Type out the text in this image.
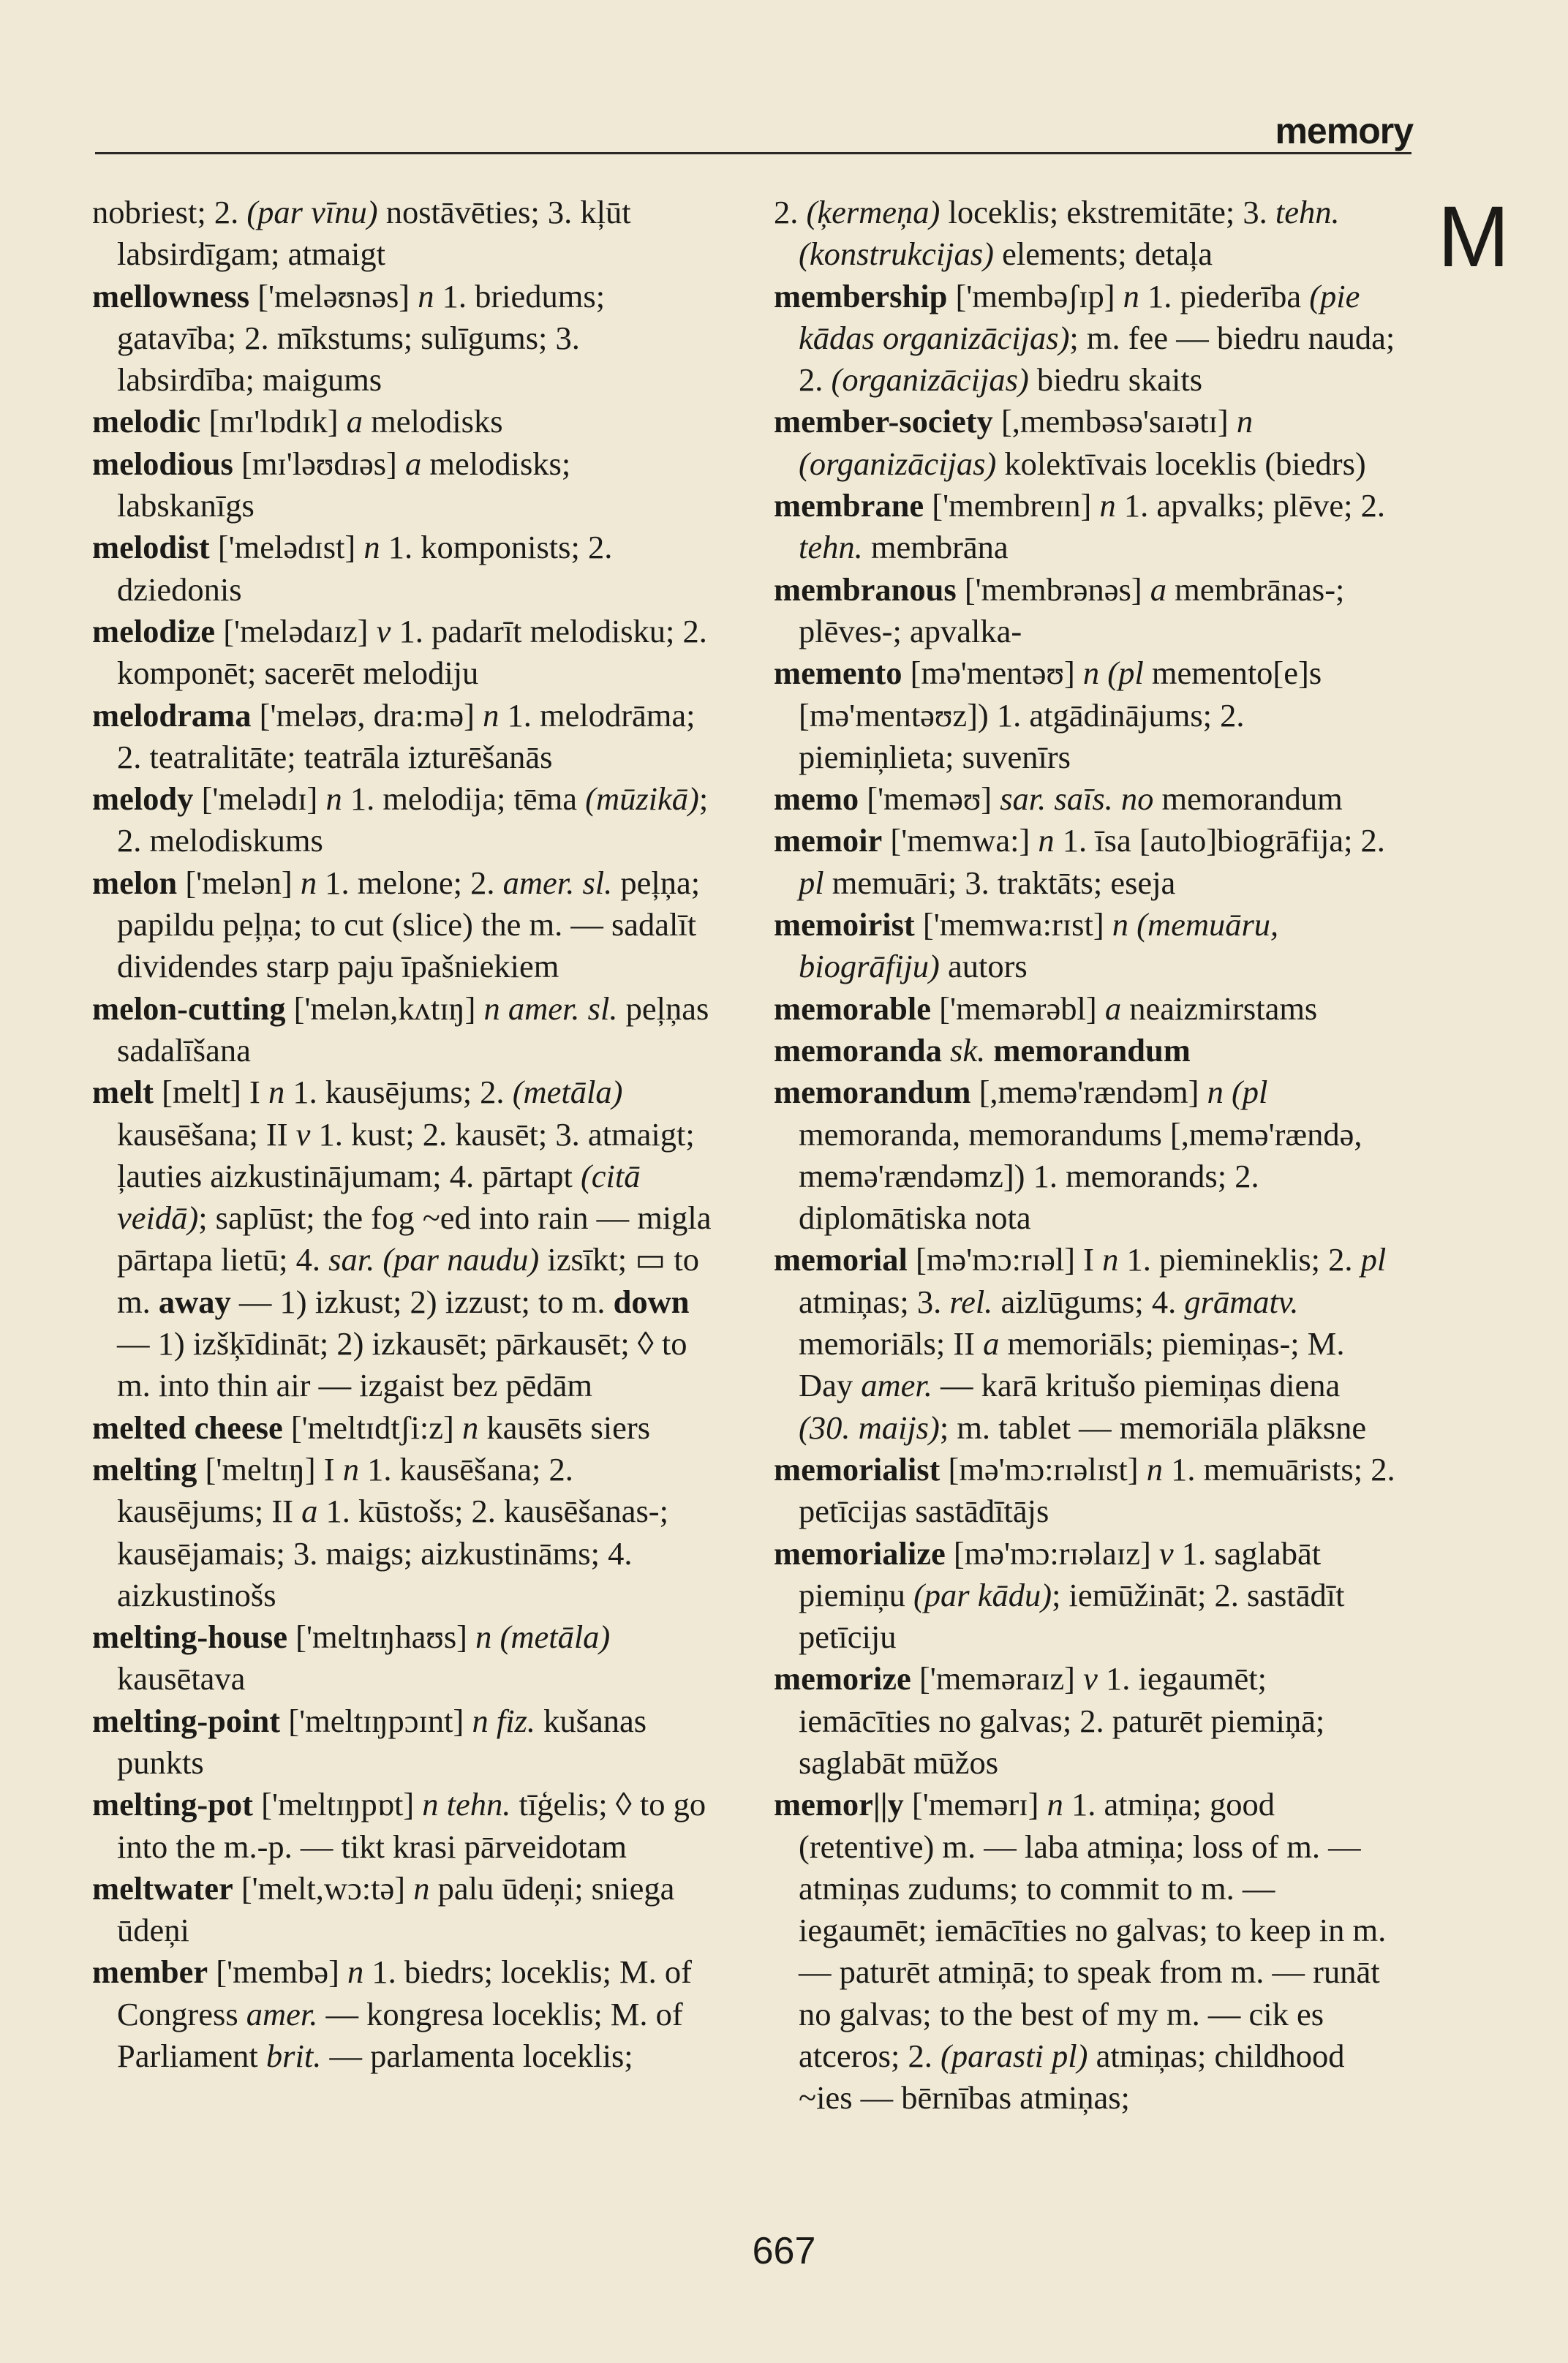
memory
M

nobriest; 2. (par vīnu) nostāvēties; 3. kļūt labsirdīgam; atmaigt

mellowness ['meləʊnəs] n 1. briedums; gatavība; 2. mīkstums; sulīgums; 3. labsirdība; maigums

melodic [mɪ'lɒdɪk] a melodisks

melodious [mɪ'ləʊdɪəs] a melodisks; labskanīgs

melodist ['melədɪst] n 1. komponists; 2. dziedonis

melodize ['melədaɪz] v 1. padarīt melodisku; 2. komponēt; sacerēt melodiju

melodrama ['meləʊ, dra:mə] n 1. melodrāma; 2. teatralitāte; teatrāla izturēšanās

melody ['melədɪ] n 1. melodija; tēma (mūzikā); 2. melodiskums

melon ['melən] n 1. melone; 2. amer. sl. peļņa; papildu peļņa; to cut (slice) the m. — sadalīt dividendes starp paju īpašniekiem

melon-cutting ['melən,kʌtɪŋ] n amer. sl. peļņas sadalīšana

melt [melt] I n 1. kausējums; 2. (metāla) kausēšana; II v 1. kust; 2. kausēt; 3. atmaigt; ļauties aizkustinājumam; 4. pārtapt (citā veidā); saplūst; the fog ~ed into rain — migla pārtapa lietū; 4. sar. (par naudu) izsīkt; ▭ to m. away — 1) izkust; 2) izzust; to m. down — 1) izšķīdināt; 2) izkausēt; pārkausēt; ◊ to m. into thin air — izgaist bez pēdām

melted cheese ['meltɪdtʃi:z] n kausēts siers

melting ['meltɪŋ] I n 1. kausēšana; 2. kausējums; II a 1. kūstošs; 2. kausēšanas-; kausējamais; 3. maigs; aizkustināms; 4. aizkustinošs

melting-house ['meltɪŋhaʊs] n (metāla) kausētava

melting-point ['meltɪŋpɔɪnt] n fiz. kušanas punkts

melting-pot ['meltɪŋpɒt] n tehn. tīģelis; ◊ to go into the m.-p. — tikt krasi pārveidotam

meltwater ['melt,wɔ:tə] n palu ūdeņi; sniega ūdeņi

member ['membə] n 1. biedrs; loceklis; M. of Congress amer. — kongresa loceklis; M. of Parliament brit. — parlamenta loceklis;

2. (ķermeņa) loceklis; ekstremitāte; 3. tehn. (konstrukcijas) elements; detaļa

membership ['membəʃɪp] n 1. piederība (pie kādas organizācijas); m. fee — biedru nauda; 2. (organizācijas) biedru skaits

member-society [,membəsə'saɪətɪ] n (organizācijas) kolektīvais loceklis (biedrs)

membrane ['membreɪn] n 1. apvalks; plēve; 2. tehn. membrāna

membranous ['membrənəs] a membrānas-; plēves-; apvalka-

memento [mə'mentəʊ] n (pl memento[e]s [mə'mentəʊz]) 1. atgādinājums; 2. piemiņlieta; suvenīrs

memo ['meməʊ] sar. saīs. no memorandum

memoir ['memwa:] n 1. īsa [auto]biogrāfija; 2. pl memuāri; 3. traktāts; eseja

memoirist ['memwa:rɪst] n (memuāru, biogrāfiju) autors

memorable ['memərəbl] a neaizmirstams

memoranda sk. memorandum

memorandum [,memə'rændəm] n (pl memoranda, memorandums [,memə'rændə, memə'rændəmz]) 1. memorands; 2. diplomātiska nota

memorial [mə'mɔ:rɪəl] I n 1. piemineklis; 2. pl atmiņas; 3. rel. aizlūgums; 4. grāmatv. memoriāls; II a memoriāls; piemiņas-; M. Day amer. — karā kritušo piemiņas diena (30. maijs); m. tablet — memoriāla plāksne

memorialist [mə'mɔ:rɪəlɪst] n 1. memuārists; 2. petīcijas sastādītājs

memorialize [mə'mɔ:rɪəlaɪz] v 1. saglabāt piemiņu (par kādu); iemūžināt; 2. sastādīt petīciju

memorize ['meməraɪz] v 1. iegaumēt; iemācīties no galvas; 2. paturēt piemiņā; saglabāt mūžos

memor||y ['memərɪ] n 1. atmiņa; good (retentive) m. — laba atmiņa; loss of m. — atmiņas zudums; to commit to m. — iegaumēt; iemācīties no galvas; to keep in m. — paturēt atmiņā; to speak from m. — runāt no galvas; to the best of my m. — cik es atceros; 2. (parasti pl) atmiņas; childhood ~ies — bērnības atmiņas;

667
